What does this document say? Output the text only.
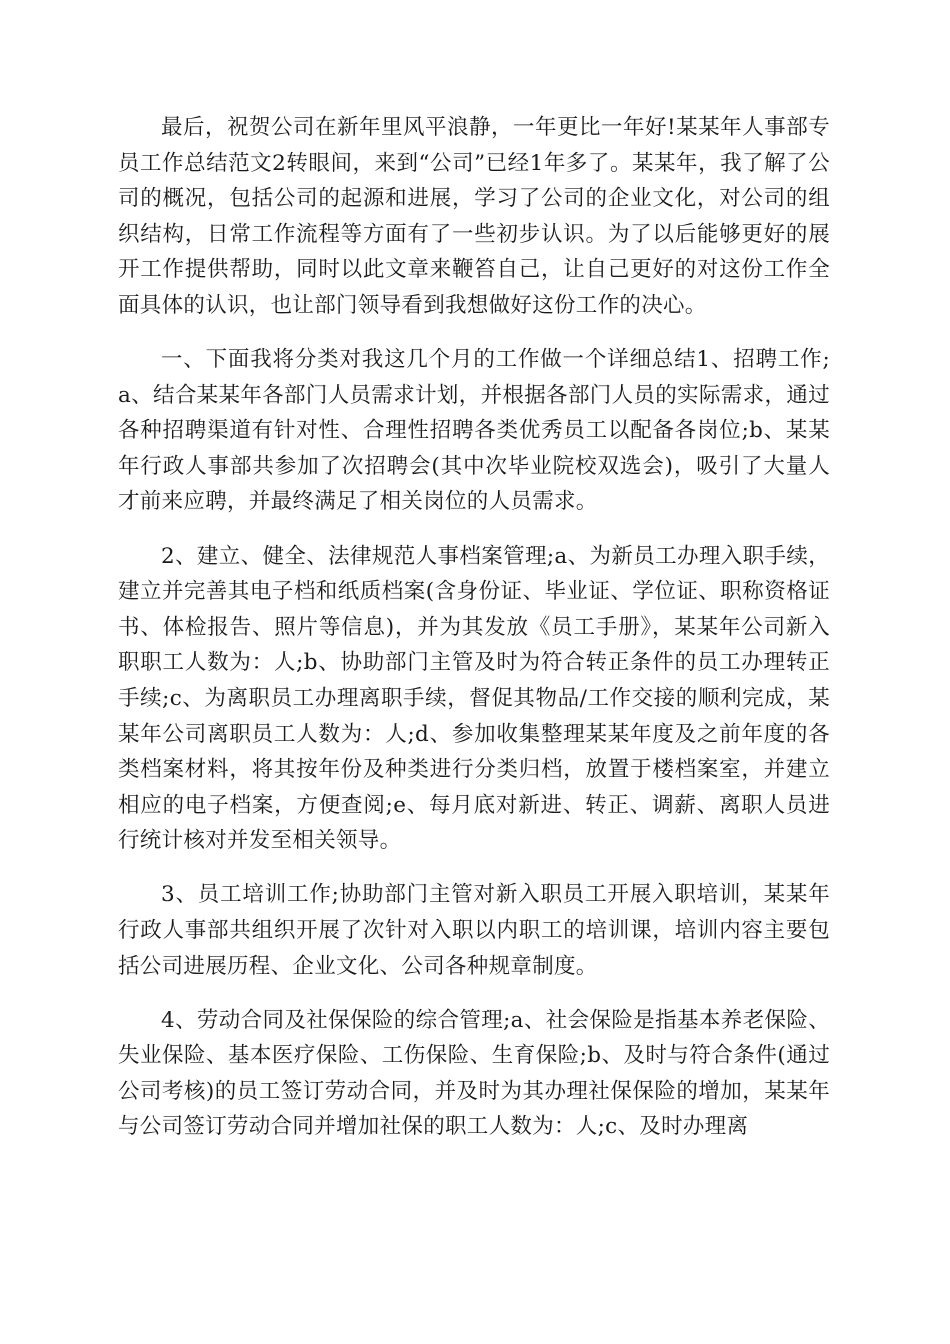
最后，祝贺公司在新年里风平浪静，一年更比一年好!某某年人事部专员工作总结范文2转眼间，来到“公司”已经1年多了。某某年，我了解了公司的概况，包括公司的起源和进展，学习了公司的企业文化，对公司的组织结构，日常工作流程等方面有了一些初步认识。为了以后能够更好的展开工作提供帮助，同时以此文章来鞭笞自己，让自己更好的对这份工作全面具体的认识，也让部门领导看到我想做好这份工作的决心。

一、下面我将分类对我这几个月的工作做一个详细总结1、招聘工作;a、结合某某年各部门人员需求计划，并根据各部门人员的实际需求，通过各种招聘渠道有针对性、合理性招聘各类优秀员工以配备各岗位;b、某某年行政人事部共参加了次招聘会(其中次毕业院校双选会)，吸引了大量人才前来应聘，并最终满足了相关岗位的人员需求。

2、建立、健全、法律规范人事档案管理;a、为新员工办理入职手续，建立并完善其电子档和纸质档案(含身份证、毕业证、学位证、职称资格证书、体检报告、照片等信息)，并为其发放《员工手册》，某某年公司新入职职工人数为：人;b、协助部门主管及时为符合转正条件的员工办理转正手续;c、为离职员工办理离职手续，督促其物品/工作交接的顺利完成，某某年公司离职员工人数为：人;d、参加收集整理某某年度及之前年度的各类档案材料，将其按年份及种类进行分类归档，放置于楼档案室，并建立相应的电子档案，方便查阅;e、每月底对新进、转正、调薪、离职人员进行统计核对并发至相关领导。

3、员工培训工作;协助部门主管对新入职员工开展入职培训，某某年行政人事部共组织开展了次针对入职以内职工的培训课，培训内容主要包括公司进展历程、企业文化、公司各种规章制度。

4、劳动合同及社保保险的综合管理;a、社会保险是指基本养老保险、失业保险、基本医疗保险、工伤保险、生育保险;b、及时与符合条件(通过公司考核)的员工签订劳动合同，并及时为其办理社保保险的增加，某某年与公司签订劳动合同并增加社保的职工人数为：人;c、及时办理离
